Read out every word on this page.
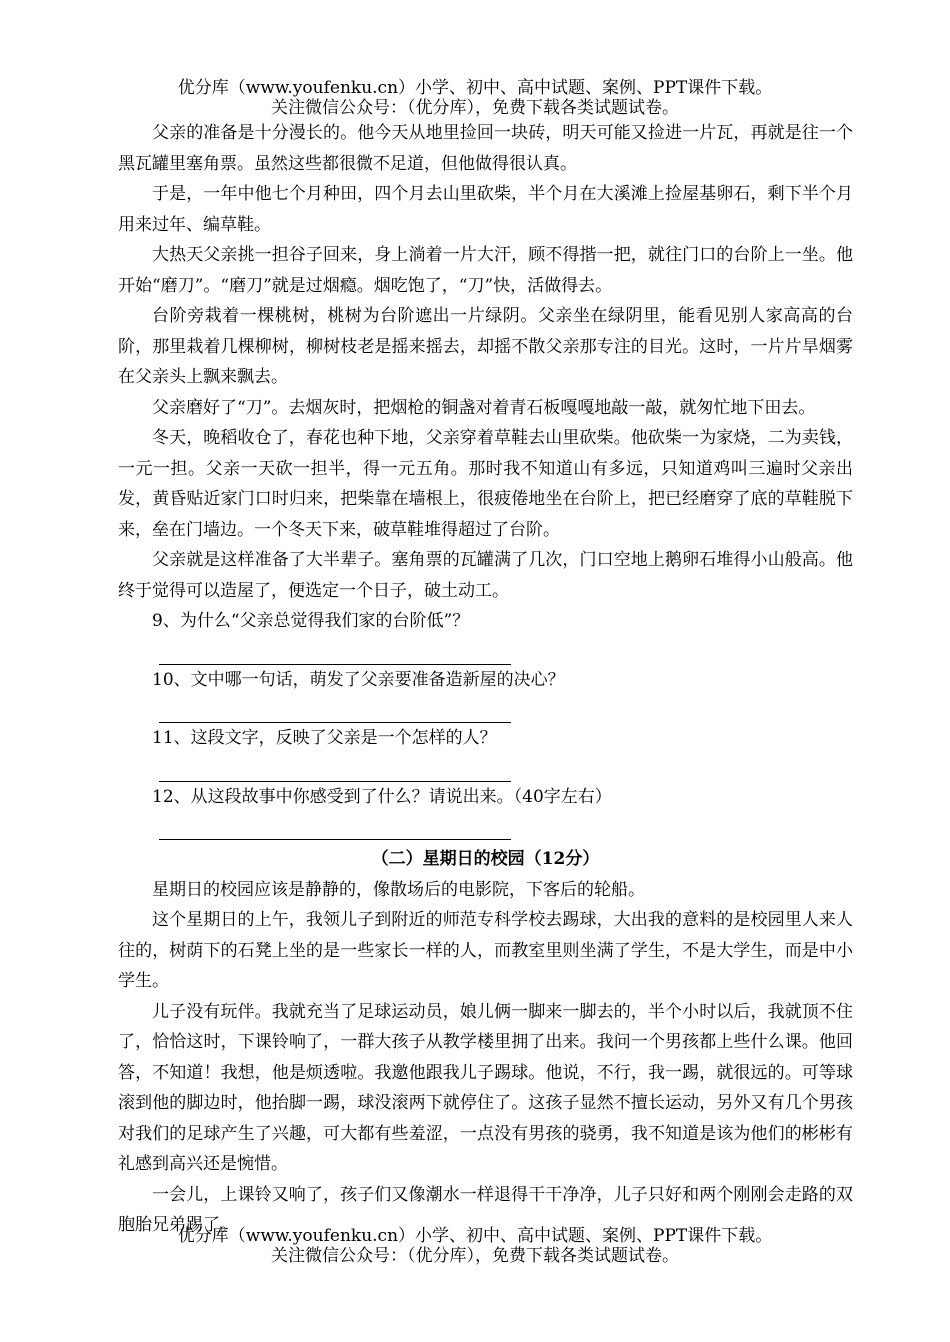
优分库（www.youfenku.cn）小学、初中、高中试题、案例、PPT课件下载。
关注微信公众号：（优分库），免费下载各类试题试卷。

父亲的准备是十分漫长的。他今天从地里捡回一块砖，明天可能又捡进一片瓦，再就是往一个黑瓦罐里塞角票。虽然这些都很微不足道，但他做得很认真。

于是，一年中他七个月种田，四个月去山里砍柴，半个月在大溪滩上捡屋基卵石，剩下半个月用来过年、编草鞋。

大热天父亲挑一担谷子回来，身上淌着一片大汗，顾不得揩一把，就往门口的台阶上一坐。他开始“磨刀”。“磨刀”就是过烟瘾。烟吃饱了，“刀”快，活做得去。

台阶旁栽着一棵桃树，桃树为台阶遮出一片绿阴。父亲坐在绿阴里，能看见别人家高高的台阶，那里栽着几棵柳树，柳树枝老是摇来摇去，却摇不散父亲那专注的目光。这时，一片片旱烟雾在父亲头上飘来飘去。

父亲磨好了“刀”。去烟灰时，把烟枪的铜盏对着青石板嘎嘎地敲一敲，就匆忙地下田去。

冬天，晚稻收仓了，春花也种下地，父亲穿着草鞋去山里砍柴。他砍柴一为家烧，二为卖钱，一元一担。父亲一天砍一担半，得一元五角。那时我不知道山有多远，只知道鸡叫三遍时父亲出发，黄昏贴近家门口时归来，把柴靠在墙根上，很疲倦地坐在台阶上，把已经磨穿了底的草鞋脱下来，垒在门墙边。一个冬天下来，破草鞋堆得超过了台阶。

父亲就是这样准备了大半辈子。塞角票的瓦罐满了几次，门口空地上鹅卵石堆得小山般高。他终于觉得可以造屋了，便选定一个日子，破土动工。

9、为什么“父亲总觉得我们家的台阶低”？

10、文中哪一句话，萌发了父亲要准备造新屋的决心？

11、这段文字，反映了父亲是一个怎样的人？

12、从这段故事中你感受到了什么？请说出来。（40字左右）

（二）星期日的校园（12分）

星期日的校园应该是静静的，像散场后的电影院，下客后的轮船。

这个星期日的上午，我领儿子到附近的师范专科学校去踢球，大出我的意料的是校园里人来人往的，树荫下的石凳上坐的是一些家长一样的人，而教室里则坐满了学生，不是大学生，而是中小学生。

儿子没有玩伴。我就充当了足球运动员，娘儿俩一脚来一脚去的，半个小时以后，我就顶不住了，恰恰这时，下课铃响了，一群大孩子从教学楼里拥了出来。我问一个男孩都上些什么课。他回答，不知道！我想，他是烦透啦。我邀他跟我儿子踢球。他说，不行，我一踢，就很远的。可等球滚到他的脚边时，他抬脚一踢，球没滚两下就停住了。这孩子显然不擅长运动，另外又有几个男孩对我们的足球产生了兴趣，可大都有些羞涩，一点没有男孩的骁勇，我不知道是该为他们的彬彬有礼感到高兴还是惋惜。

一会儿，上课铃又响了，孩子们又像潮水一样退得干干净净，儿子只好和两个刚刚会走路的双胞胎兄弟踢了。

优分库（www.youfenku.cn）小学、初中、高中试题、案例、PPT课件下载。
关注微信公众号：（优分库），免费下载各类试题试卷。
